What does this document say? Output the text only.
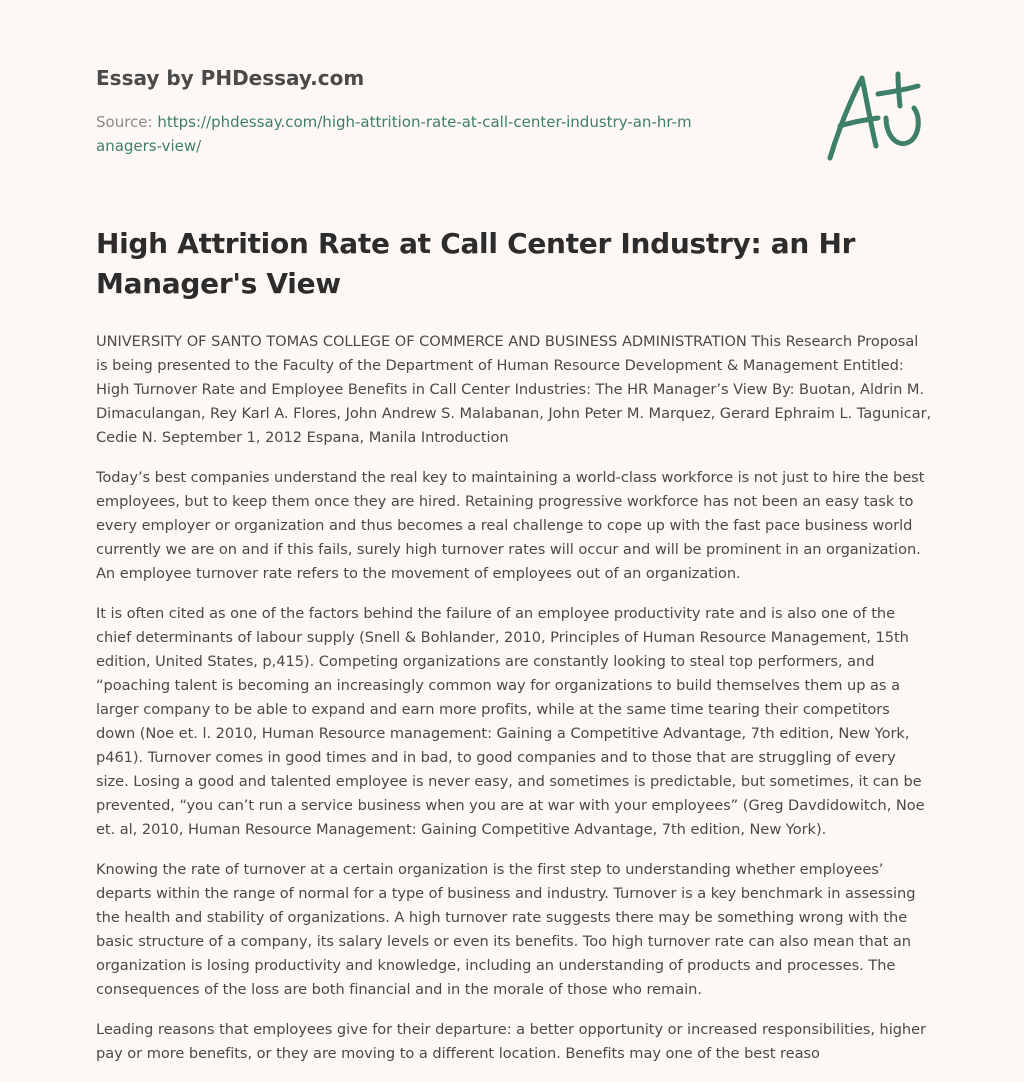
Essay by PHDessay.com
Source: https://phdessay.com/high-attrition-rate-at-call-center-industry-an-hr-managers-view/
High Attrition Rate at Call Center Industry: an Hr Manager's View

UNIVERSITY OF SANTO TOMAS COLLEGE OF COMMERCE AND BUSINESS ADMINISTRATION This Research Proposal is being presented to the Faculty of the Department of Human Resource Development & Management Entitled: High Turnover Rate and Employee Benefits in Call Center Industries: The HR Manager’s View By: Buotan, Aldrin M. Dimaculangan, Rey Karl A. Flores, John Andrew S. Malabanan, John Peter M. Marquez, Gerard Ephraim L. Tagunicar, Cedie N. September 1, 2012 Espana, Manila Introduction

Today’s best companies understand the real key to maintaining a world-class workforce is not just to hire the best employees, but to keep them once they are hired. Retaining progressive workforce has not been an easy task to every employer or organization and thus becomes a real challenge to cope up with the fast pace business world currently we are on and if this fails, surely high turnover rates will occur and will be prominent in an organization. An employee turnover rate refers to the movement of employees out of an organization.

It is often cited as one of the factors behind the failure of an employee productivity rate and is also one of the chief determinants of labour supply (Snell & Bohlander, 2010, Principles of Human Resource Management, 15th edition, United States, p,415). Competing organizations are constantly looking to steal top performers, and “poaching talent is becoming an increasingly common way for organizations to build themselves them up as a larger company to be able to expand and earn more profits, while at the same time tearing their competitors down (Noe et. l. 2010, Human Resource management: Gaining a Competitive Advantage, 7th edition, New York, p461). Turnover comes in good times and in bad, to good companies and to those that are struggling of every size. Losing a good and talented employee is never easy, and sometimes is predictable, but sometimes, it can be prevented, “you can’t run a service business when you are at war with your employees” (Greg Davdidowitch, Noe et. al, 2010, Human Resource Management: Gaining Competitive Advantage, 7th edition, New York).

Knowing the rate of turnover at a certain organization is the first step to understanding whether employees’ departs within the range of normal for a type of business and industry. Turnover is a key benchmark in assessing the health and stability of organizations. A high turnover rate suggests there may be something wrong with the basic structure of a company, its salary levels or even its benefits. Too high turnover rate can also mean that an organization is losing productivity and knowledge, including an understanding of products and processes. The consequences of the loss are both financial and in the morale of those who remain.

Leading reasons that employees give for their departure: a better opportunity or increased responsibilities, higher pay or more benefits, or they are moving to a different location. Benefits may one of the best reaso
